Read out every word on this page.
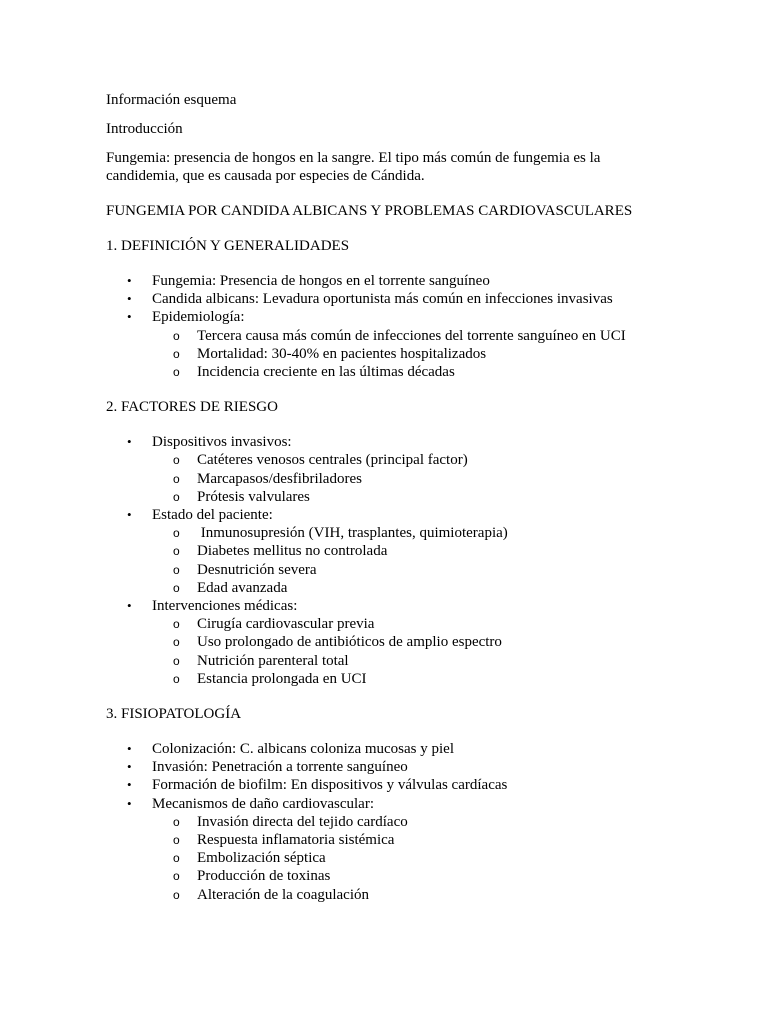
Información esquema

Introducción

Fungemia: presencia de hongos en la sangre. El tipo más común de fungemia es la candidemia, que es causada por especies de Cándida.

FUNGEMIA POR CANDIDA ALBICANS Y PROBLEMAS CARDIOVASCULARES

1. DEFINICIÓN Y GENERALIDADES

• Fungemia: Presencia de hongos en el torrente sanguíneo
• Candida albicans: Levadura oportunista más común en infecciones invasivas
• Epidemiología:
o Tercera causa más común de infecciones del torrente sanguíneo en UCI
o Mortalidad: 30-40% en pacientes hospitalizados
o Incidencia creciente en las últimas décadas

2. FACTORES DE RIESGO

• Dispositivos invasivos:
o Catéteres venosos centrales (principal factor)
o Marcapasos/desfibriladores
o Prótesis valvulares
• Estado del paciente:
o Inmunosupresión (VIH, trasplantes, quimioterapia)
o Diabetes mellitus no controlada
o Desnutrición severa
o Edad avanzada
• Intervenciones médicas:
o Cirugía cardiovascular previa
o Uso prolongado de antibióticos de amplio espectro
o Nutrición parenteral total
o Estancia prolongada en UCI

3. FISIOPATOLOGÍA

• Colonización: C. albicans coloniza mucosas y piel
• Invasión: Penetración a torrente sanguíneo
• Formación de biofilm: En dispositivos y válvulas cardíacas
• Mecanismos de daño cardiovascular:
o Invasión directa del tejido cardíaco
o Respuesta inflamatoria sistémica
o Embolización séptica
o Producción de toxinas
o Alteración de la coagulación
